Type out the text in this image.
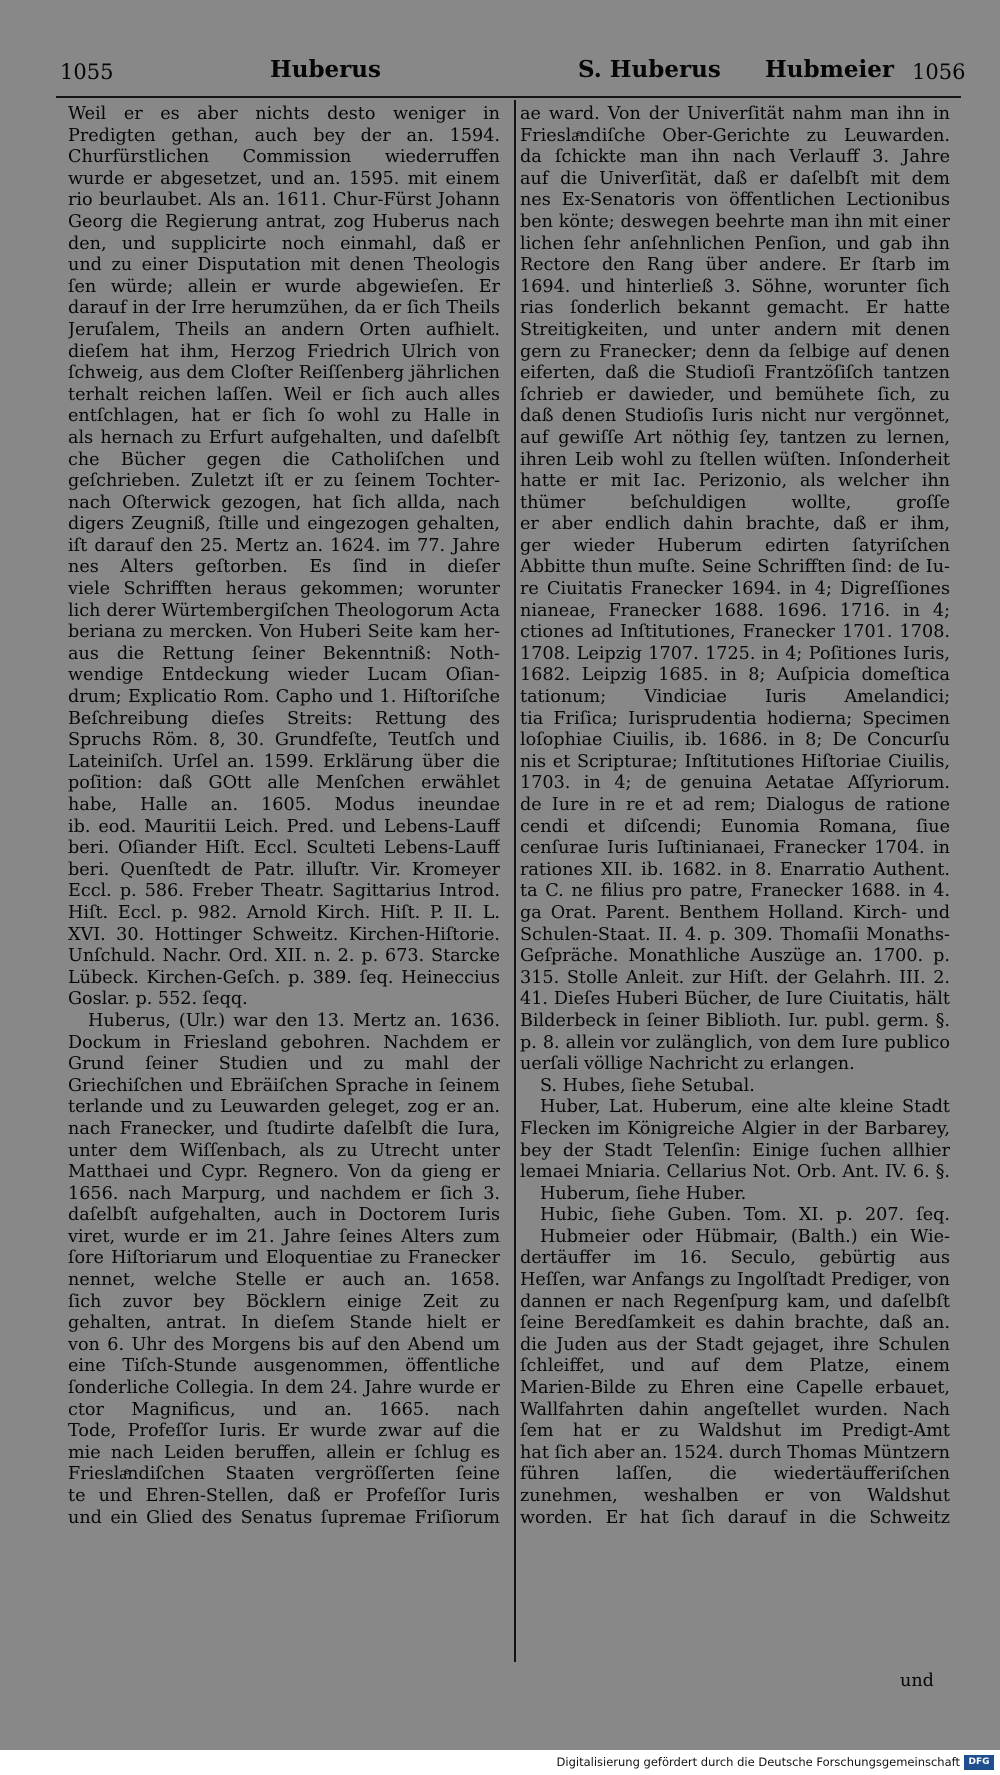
1055	Huberus	S. Huberus Hubmeier 1056
Weil er es aber nichts desto weniger in
Predigten gethan, auch bey der an. 1594.
Churfürstlichen Commission wiederruffen
wurde er abgesetzet, und an. 1595. mit einem
rio beurlaubet. Als an. 1611. Chur-Fürst Johann
Georg die Regierung antrat, zog Huberus nach
den, und supplicirte noch einmahl, daß er
und zu einer Disputation mit denen Theologis
ſen würde; allein er wurde abgewieſen. Er
darauf in der Irre herumzühen, da er ſich Theils
Jeruſalem, Theils an andern Orten aufhielt.
dieſem hat ihm, Herzog Friedrich Ulrich von
ſchweig, aus dem Cloſter Reiſſenberg jährlichen
terhalt reichen laſſen. Weil er ſich auch alles
entſchlagen, hat er ſich ſo wohl zu Halle in
als hernach zu Erfurt aufgehalten, und daſelbſt
che Bücher gegen die Catholiſchen und
geſchrieben. Zuletzt iſt er zu ſeinem Tochter-
nach Oſterwick gezogen, hat ſich allda, nach
digers Zeugniß, ſtille und eingezogen gehalten,
iſt darauf den 25. Mertz an. 1624. im 77. Jahre
nes Alters geſtorben. Es ſind in dieſer
viele Schrifften heraus gekommen; worunter
lich derer Würtembergiſchen Theologorum Acta
beriana zu mercken. Von Huberi Seite kam her-
aus die Rettung ſeiner Bekenntniß: Noth-
wendige Entdeckung wieder Lucam Oſian-
drum; Explicatio Rom. Capho und 1. Hiſtoriſche
Beſchreibung dieſes Streits: Rettung des
Spruchs Röm. 8, 30. Grundfeſte, Teutſch und
Lateiniſch. Urſel an. 1599. Erklärung über die
poſition: daß GOtt alle Menſchen erwählet
habe, Halle an. 1605. Modus ineundae
ib. eod. Mauritii Leich. Pred. und Lebens-Lauff
beri. Oſiander Hiſt. Eccl. Sculteti Lebens-Lauff
beri. Quenſtedt de Patr. illuſtr. Vir. Kromeyer
Eccl. p. 586. Freber Theatr. Sagittarius Introd.
Hiſt. Eccl. p. 982. Arnold Kirch. Hiſt. P. II. L.
XVI. 30. Hottinger Schweitz. Kirchen-Hiſtorie.
Unſchuld. Nachr. Ord. XII. n. 2. p. 673. Starcke
Lübeck. Kirchen-Geſch. p. 389. ſeq. Heineccius
Goslar. p. 552. ſeqq.
Huberus, (Ulr.) war den 13. Mertz an. 1636.
Dockum in Friesland gebohren. Nachdem er
Grund ſeiner Studien und zu mahl der
Griechiſchen und Ebräiſchen Sprache in ſeinem
terlande und zu Leuwarden geleget, zog er an.
nach Franecker, und ſtudirte daſelbſt die Iura,
unter dem Wiſſenbach, als zu Utrecht unter
Matthaei und Cypr. Regnero. Von da gieng er
1656. nach Marpurg, und nachdem er ſich 3.
daſelbſt aufgehalten, auch in Doctorem Iuris
viret, wurde er im 21. Jahre ſeines Alters zum
ſore Hiſtoriarum und Eloquentiae zu Franecker
nennet, welche Stelle er auch an. 1658.
ſich zuvor bey Böcklern einige Zeit zu
gehalten, antrat. In dieſem Stande hielt er
von 6. Uhr des Morgens bis auf den Abend um
eine Tiſch-Stunde ausgenommen, öffentliche
ſonderliche Collegia. In dem 24. Jahre wurde er
ctor Magnificus, und an. 1665. nach
Tode, Profeſſor Iuris. Er wurde zwar auf die
mie nach Leiden beruffen, allein er ſchlug es
Frieslaͤndiſchen Staaten vergröſſerten ſeine
te und Ehren-Stellen, daß er Profeſſor Iuris
und ein Glied des Senatus ſupremae Friſiorum
ae ward. Von der Univerſität nahm man ihn in
Frieslaͤndiſche Ober-Gerichte zu Leuwarden.
da ſchickte man ihn nach Verlauff 3. Jahre
auf die Univerſität, daß er daſelbſt mit dem
nes Ex-Senatoris von öffentlichen Lectionibus
ben könte; deswegen beehrte man ihn mit einer
lichen ſehr anſehnlichen Penſion, und gab ihn
Rectore den Rang über andere. Er ſtarb im
1694. und hinterließ 3. Söhne, worunter ſich
rias ſonderlich bekannt gemacht. Er hatte
Streitigkeiten, und unter andern mit denen
gern zu Franecker; denn da ſelbige auf denen
eiferten, daß die Studioſi Frantzöſiſch tantzen
ſchrieb er dawieder, und bemühete ſich, zu
daß denen Studioſis Iuris nicht nur vergönnet,
auf gewiſſe Art nöthig ſey, tantzen zu lernen,
ihren Leib wohl zu ſtellen wüſten. Inſonderheit
hatte er mit Iac. Perizonio, als welcher ihn
thümer beſchuldigen wollte, groſſe
er aber endlich dahin brachte, daß er ihm,
ger wieder Huberum edirten ſatyriſchen
Abbitte thun muſte. Seine Schrifften ſind: de Iu-
re Ciuitatis Franecker 1694. in 4; Digreſſiones
nianeae, Franecker 1688. 1696. 1716. in 4;
ctiones ad Inſtitutiones, Franecker 1701. 1708.
1708. Leipzig 1707. 1725. in 4; Poſitiones Iuris,
1682. Leipzig 1685. in 8; Auſpicia domeſtica
tationum; Vindiciae Iuris Amelandici;
tia Friſica; Iurisprudentia hodierna; Specimen
loſophiae Ciuilis, ib. 1686. in 8; De Concurſu
nis et Scripturae; Inſtitutiones Hiſtoriae Ciuilis,
1703. in 4; de genuina Aetatae Aſſyriorum.
de Iure in re et ad rem; Dialogus de ratione
cendi et diſcendi; Eunomia Romana, ſiue
cenſurae Iuris Iuſtinianaei, Franecker 1704. in
rationes XII. ib. 1682. in 8. Enarratio Authent.
ta C. ne filius pro patre, Franecker 1688. in 4.
ga Orat. Parent. Benthem Holland. Kirch- und
Schulen-Staat. II. 4. p. 309. Thomaſii Monaths-
Geſpräche. Monathliche Auszüge an. 1700. p.
315. Stolle Anleit. zur Hiſt. der Gelahrh. III. 2.
41. Dieſes Huberi Bücher, de Iure Ciuitatis, hält
Bilderbeck in ſeiner Biblioth. Iur. publ. germ. §.
p. 8. allein vor zulänglich, von dem Iure publico
uerſali völlige Nachricht zu erlangen.
S. Hubes, ſiehe Setubal.
Huber, Lat. Huberum, eine alte kleine Stadt
Flecken im Königreiche Algier in der Barbarey,
bey der Stadt Telenſin: Einige ſuchen allhier
lemaei Mniaria. Cellarius Not. Orb. Ant. IV. 6. §.
Huberum, ſiehe Huber.
Hubic, ſiehe Guben. Tom. XI. p. 207. ſeq.
Hubmeier oder Hübmair, (Balth.) ein Wie-
dertäuffer im 16. Seculo, gebürtig aus
Heſſen, war Anfangs zu Ingolſtadt Prediger, von
dannen er nach Regenſpurg kam, und daſelbſt
ſeine Beredſamkeit es dahin brachte, daß an.
die Juden aus der Stadt gejaget, ihre Schulen
ſchleiffet, und auf dem Platze, einem
Marien-Bilde zu Ehren eine Capelle erbauet,
Wallfahrten dahin angeſtellet wurden. Nach
ſem hat er zu Waldshut im Predigt-Amt
hat ſich aber an. 1524. durch Thomas Müntzern
führen laſſen, die wiedertäufferiſchen
zunehmen, weshalben er von Waldshut
worden. Er hat ſich darauf in die Schweitz
und
Digitalisierung gefördert durch die Deutsche Forschungsgemeinschaft DFG
